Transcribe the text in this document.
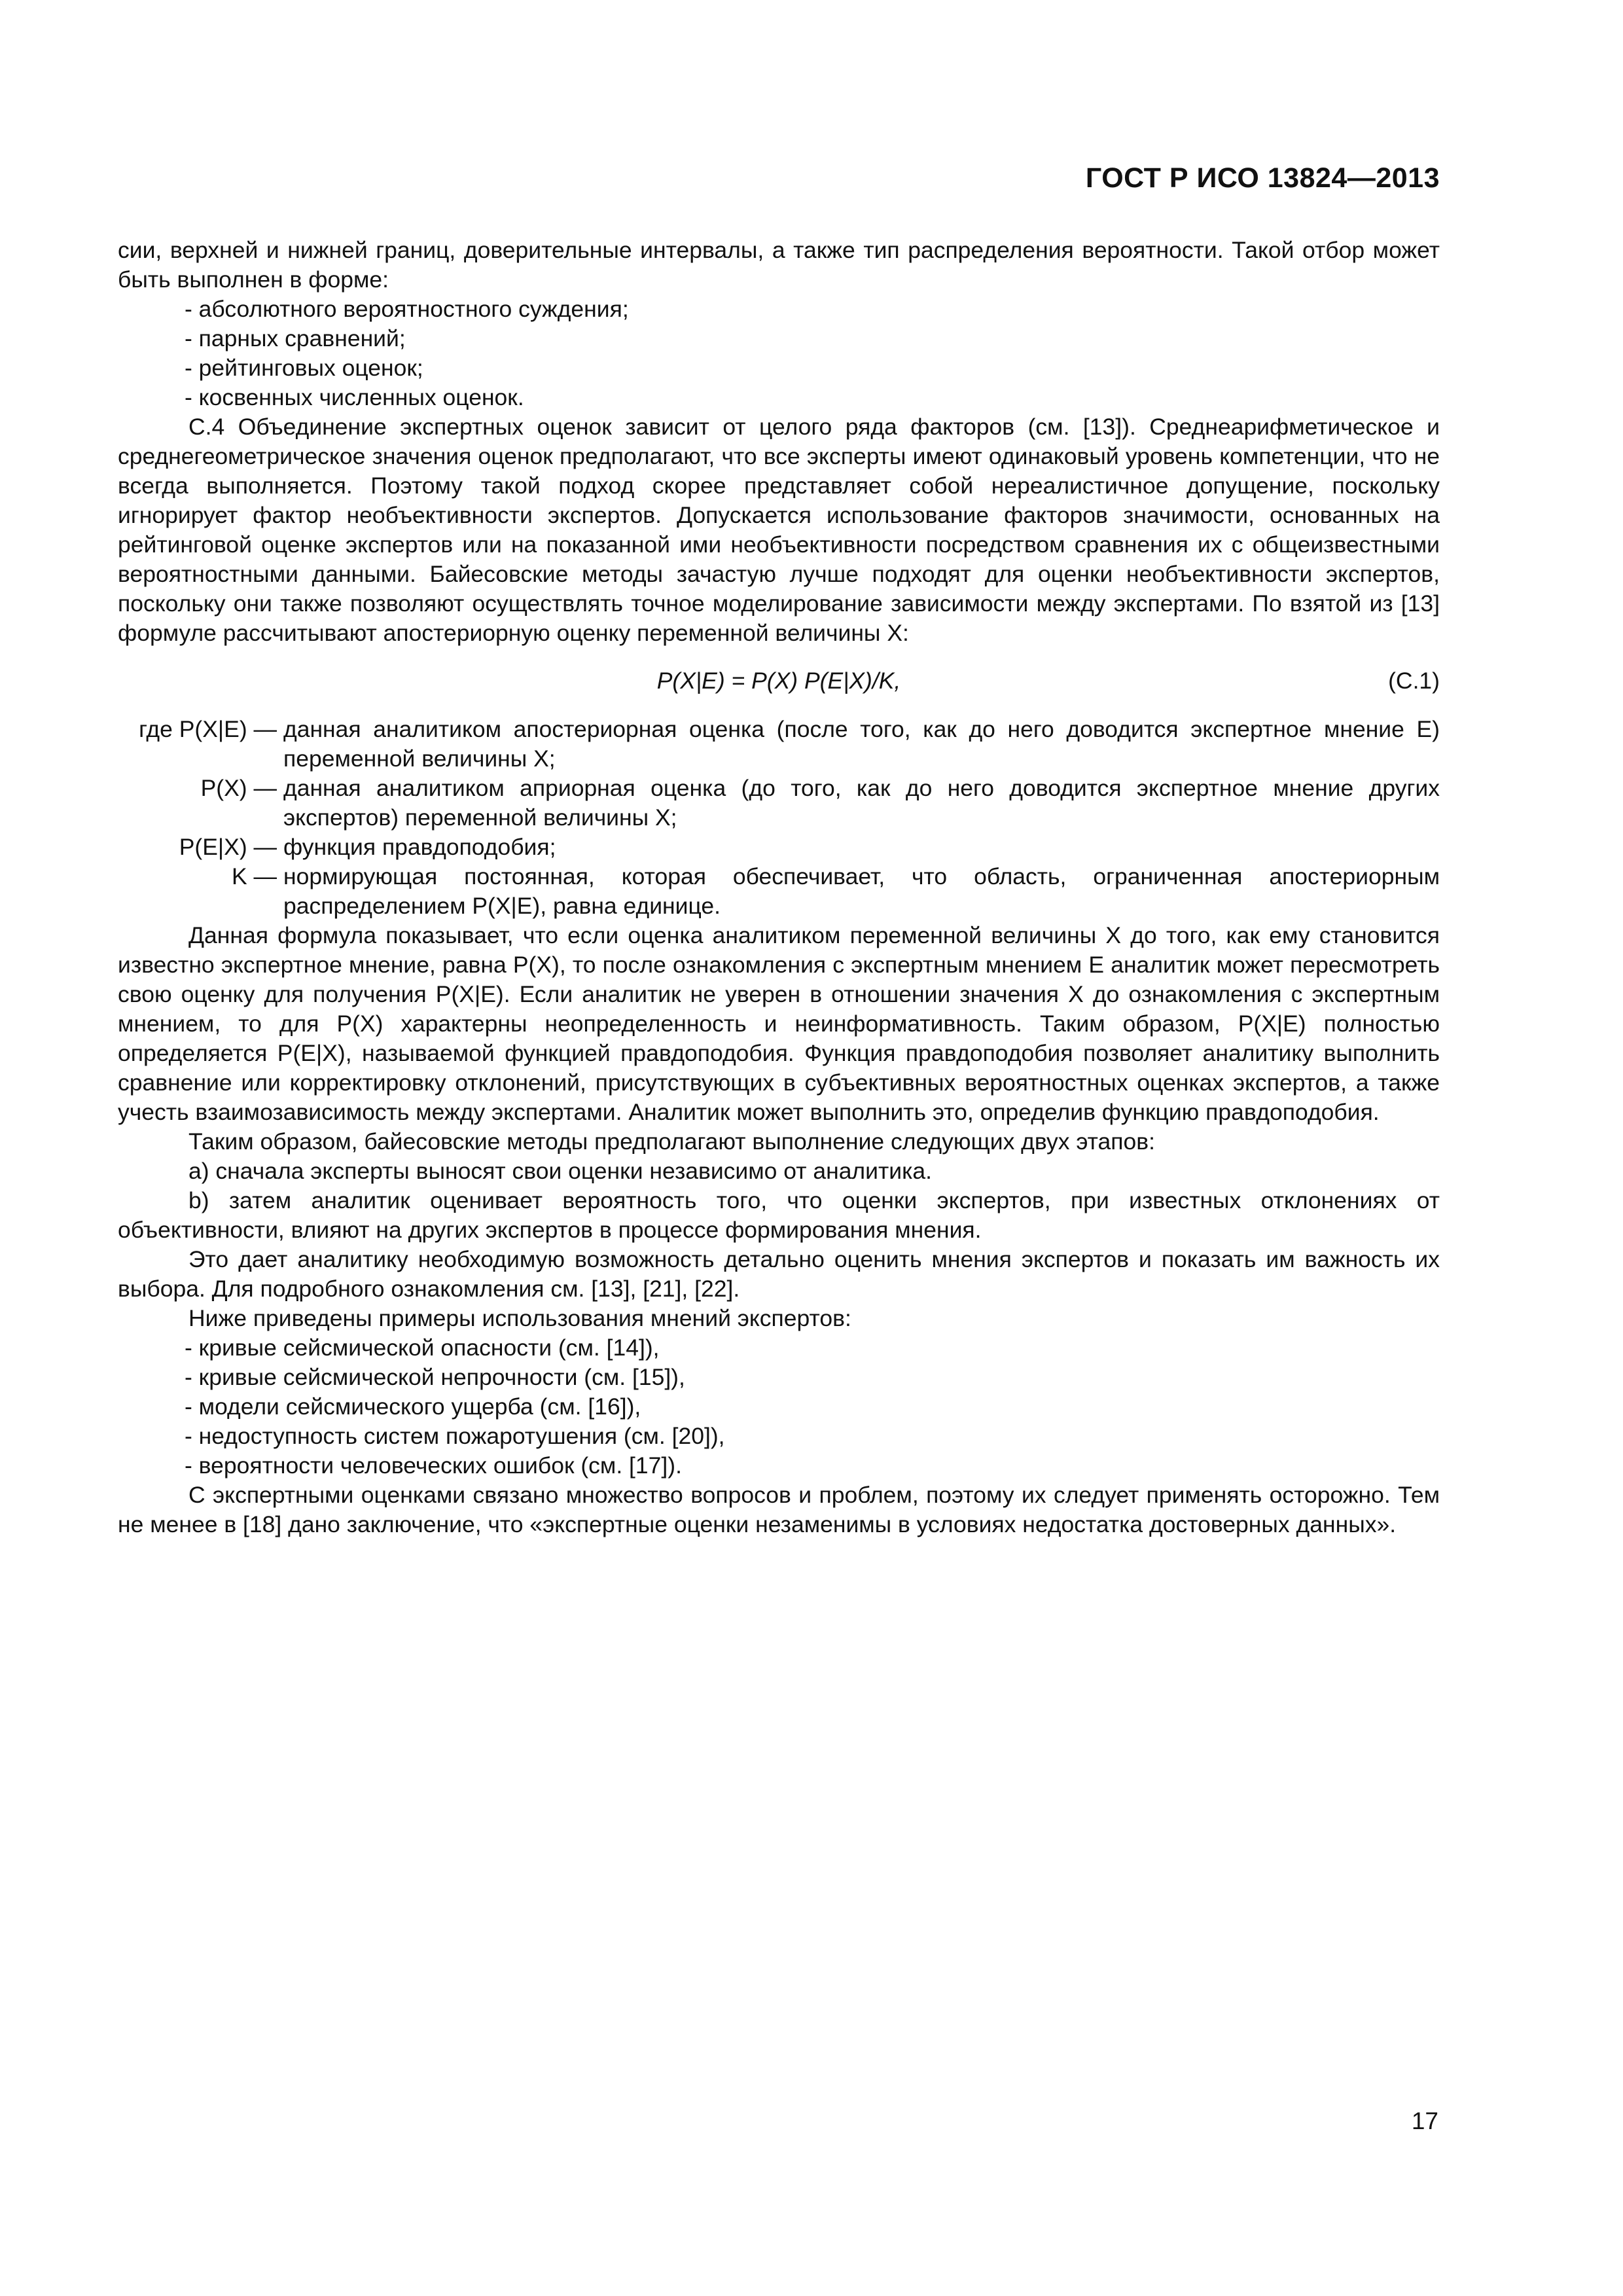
ГОСТ Р ИСО 13824—2013

сии, верхней и нижней границ, доверительные интервалы, а также тип распределения вероятности. Такой отбор может быть выполнен в форме:

- абсолютного вероятностного суждения;

- парных сравнений;

- рейтинговых оценок;

- косвенных численных оценок.

С.4 Объединение экспертных оценок зависит от целого ряда факторов (см. [13]). Среднеарифметическое и среднегеометрическое значения оценок предполагают, что все эксперты имеют одинаковый уровень компетенции, что не всегда выполняется. Поэтому такой подход скорее представляет собой нереалистичное допущение, поскольку игнорирует фактор необъективности экспертов. Допускается использование факторов значимости, основанных на рейтинговой оценке экспертов или на показанной ими необъективности посредством сравнения их с общеизвестными вероятностными данными. Байесовские методы зачастую лучше подходят для оценки необъективности экспертов, поскольку они также позволяют осуществлять точное моделирование зависимости между экспертами. По взятой из [13] формуле рассчитывают апостериорную оценку переменной величины X:

P(X|E) = P(X) P(E|X)/K,	(С.1)
где P(X|E) — данная аналитиком апостериорная оценка (после того, как до него доводится экспертное мнение E) переменной величины X;
P(X) — данная аналитиком априорная оценка (до того, как до него доводится экспертное мнение других экспертов) переменной величины X;
P(E|X) — функция правдоподобия;
K — нормирующая постоянная, которая обеспечивает, что область, ограниченная апостериорным распределением P(X|E), равна единице.

Данная формула показывает, что если оценка аналитиком переменной величины X до того, как ему становится известно экспертное мнение, равна P(X), то после ознакомления с экспертным мнением E аналитик может пересмотреть свою оценку для получения P(X|E). Если аналитик не уверен в отношении значения X до ознакомления с экспертным мнением, то для P(X) характерны неопределенность и неинформативность. Таким образом, P(X|E) полностью определяется P(E|X), называемой функцией правдоподобия. Функция правдоподобия позволяет аналитику выполнить сравнение или корректировку отклонений, присутствующих в субъективных вероятностных оценках экспертов, а также учесть взаимозависимость между экспертами. Аналитик может выполнить это, определив функцию правдоподобия.

Таким образом, байесовские методы предполагают выполнение следующих двух этапов:

а) сначала эксперты выносят свои оценки независимо от аналитика.

b) затем аналитик оценивает вероятность того, что оценки экспертов, при известных отклонениях от объективности, влияют на других экспертов в процессе формирования мнения.

Это дает аналитику необходимую возможность детально оценить мнения экспертов и показать им важность их выбора. Для подробного ознакомления см. [13], [21], [22].

Ниже приведены примеры использования мнений экспертов:

- кривые сейсмической опасности (см. [14]),

- кривые сейсмической непрочности (см. [15]),

- модели сейсмического ущерба (см. [16]),

- недоступность систем пожаротушения (см. [20]),

- вероятности человеческих ошибок (см. [17]).

С экспертными оценками связано множество вопросов и проблем, поэтому их следует применять осторожно. Тем не менее в [18] дано заключение, что «экспертные оценки незаменимы в условиях недостатка достоверных данных».

17
